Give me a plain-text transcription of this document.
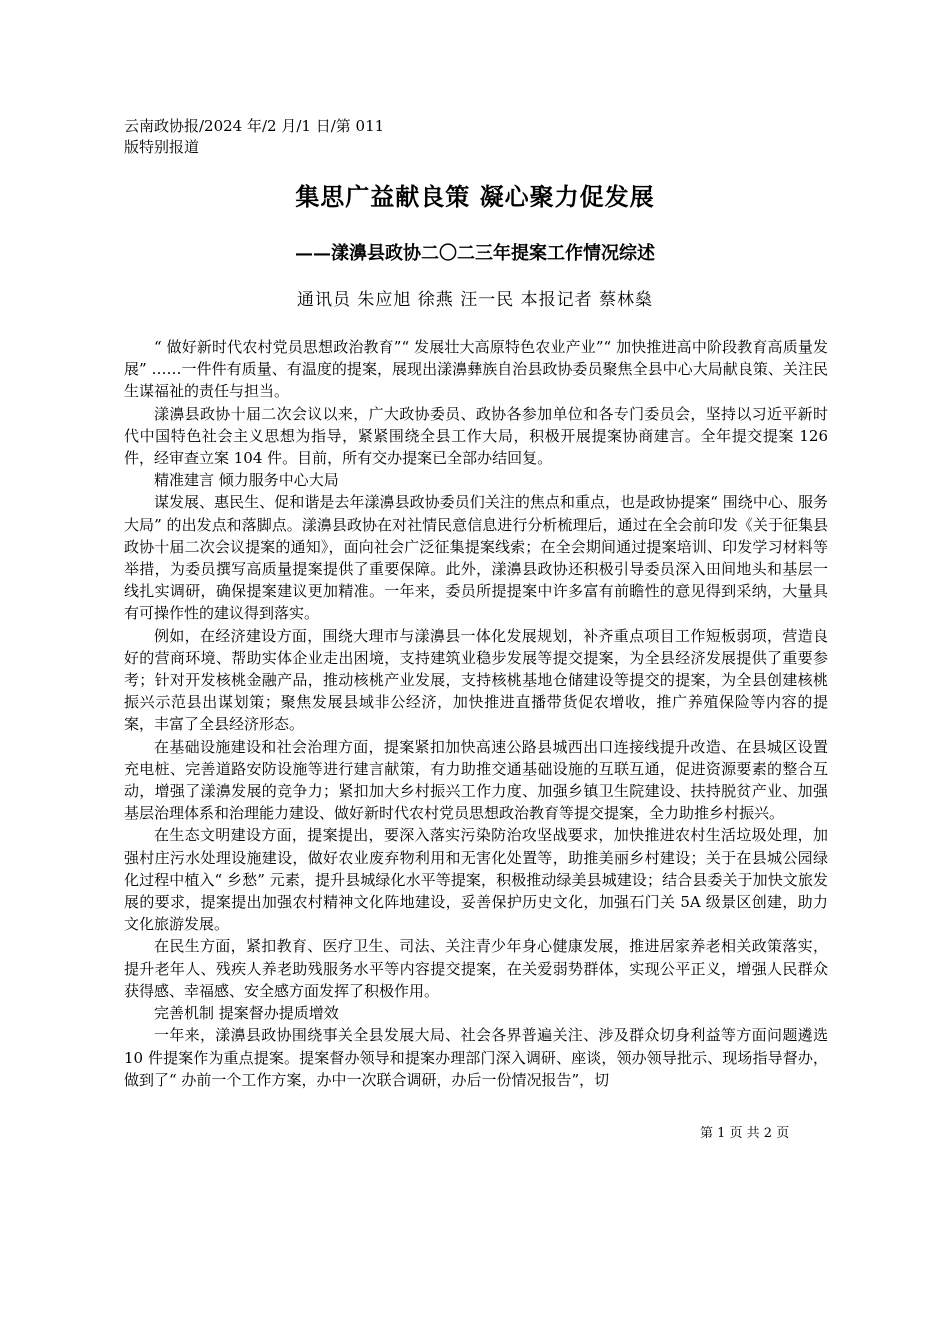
云南政协报/2024 年/2 月/1 日/第 011
版特别报道
集思广益献良策 凝心聚力促发展
——漾濞县政协二〇二三年提案工作情况综述
通讯员 朱应旭 徐燕 汪一民 本报记者 蔡林燊

“ 做好新时代农村党员思想政治教育”“ 发展壮大高原特色农业产业”“ 加快推进高中阶段教育高质量发展” ……一件件有质量、有温度的提案，展现出漾濞彝族自治县政协委员聚焦全县中心大局献良策、关注民生谋福祉的责任与担当。

漾濞县政协十届二次会议以来，广大政协委员、政协各参加单位和各专门委员会，坚持以习近平新时代中国特色社会主义思想为指导，紧紧围绕全县工作大局，积极开展提案协商建言。全年提交提案 126 件，经审查立案 104 件。目前，所有交办提案已全部办结回复。

精准建言 倾力服务中心大局

谋发展、惠民生、促和谐是去年漾濞县政协委员们关注的焦点和重点，也是政协提案“ 围绕中心、服务大局” 的出发点和落脚点。漾濞县政协在对社情民意信息进行分析梳理后，通过在全会前印发《关于征集县政协十届二次会议提案的通知》，面向社会广泛征集提案线索；在全会期间通过提案培训、印发学习材料等举措，为委员撰写高质量提案提供了重要保障。此外，漾濞县政协还积极引导委员深入田间地头和基层一线扎实调研，确保提案建议更加精准。一年来，委员所提提案中许多富有前瞻性的意见得到采纳，大量具有可操作性的建议得到落实。

例如，在经济建设方面，围绕大理市与漾濞县一体化发展规划，补齐重点项目工作短板弱项，营造良好的营商环境、帮助实体企业走出困境，支持建筑业稳步发展等提交提案，为全县经济发展提供了重要参考；针对开发核桃金融产品，推动核桃产业发展，支持核桃基地仓储建设等提交的提案，为全县创建核桃振兴示范县出谋划策；聚焦发展县域非公经济，加快推进直播带货促农增收，推广养殖保险等内容的提案，丰富了全县经济形态。

在基础设施建设和社会治理方面，提案紧扣加快高速公路县城西出口连接线提升改造、在县城区设置充电桩、完善道路安防设施等进行建言献策，有力助推交通基础设施的互联互通，促进资源要素的整合互动，增强了漾濞发展的竞争力；紧扣加大乡村振兴工作力度、加强乡镇卫生院建设、扶持脱贫产业、加强基层治理体系和治理能力建设、做好新时代农村党员思想政治教育等提交提案，全力助推乡村振兴。

在生态文明建设方面，提案提出，要深入落实污染防治攻坚战要求，加快推进农村生活垃圾处理，加强村庄污水处理设施建设，做好农业废弃物利用和无害化处置等，助推美丽乡村建设；关于在县城公园绿化过程中植入“ 乡愁” 元素，提升县城绿化水平等提案，积极推动绿美县城建设；结合县委关于加快文旅发展的要求，提案提出加强农村精神文化阵地建设，妥善保护历史文化，加强石门关 5A 级景区创建，助力文化旅游发展。

在民生方面，紧扣教育、医疗卫生、司法、关注青少年身心健康发展，推进居家养老相关政策落实，提升老年人、残疾人养老助残服务水平等内容提交提案，在关爱弱势群体，实现公平正义，增强人民群众获得感、幸福感、安全感方面发挥了积极作用。

完善机制 提案督办提质增效

一年来，漾濞县政协围绕事关全县发展大局、社会各界普遍关注、涉及群众切身利益等方面问题遴选 10 件提案作为重点提案。提案督办领导和提案办理部门深入调研、座谈，领办领导批示、现场指导督办，做到了“ 办前一个工作方案，办中一次联合调研，办后一份情况报告”，切

第 1 页 共 2 页
